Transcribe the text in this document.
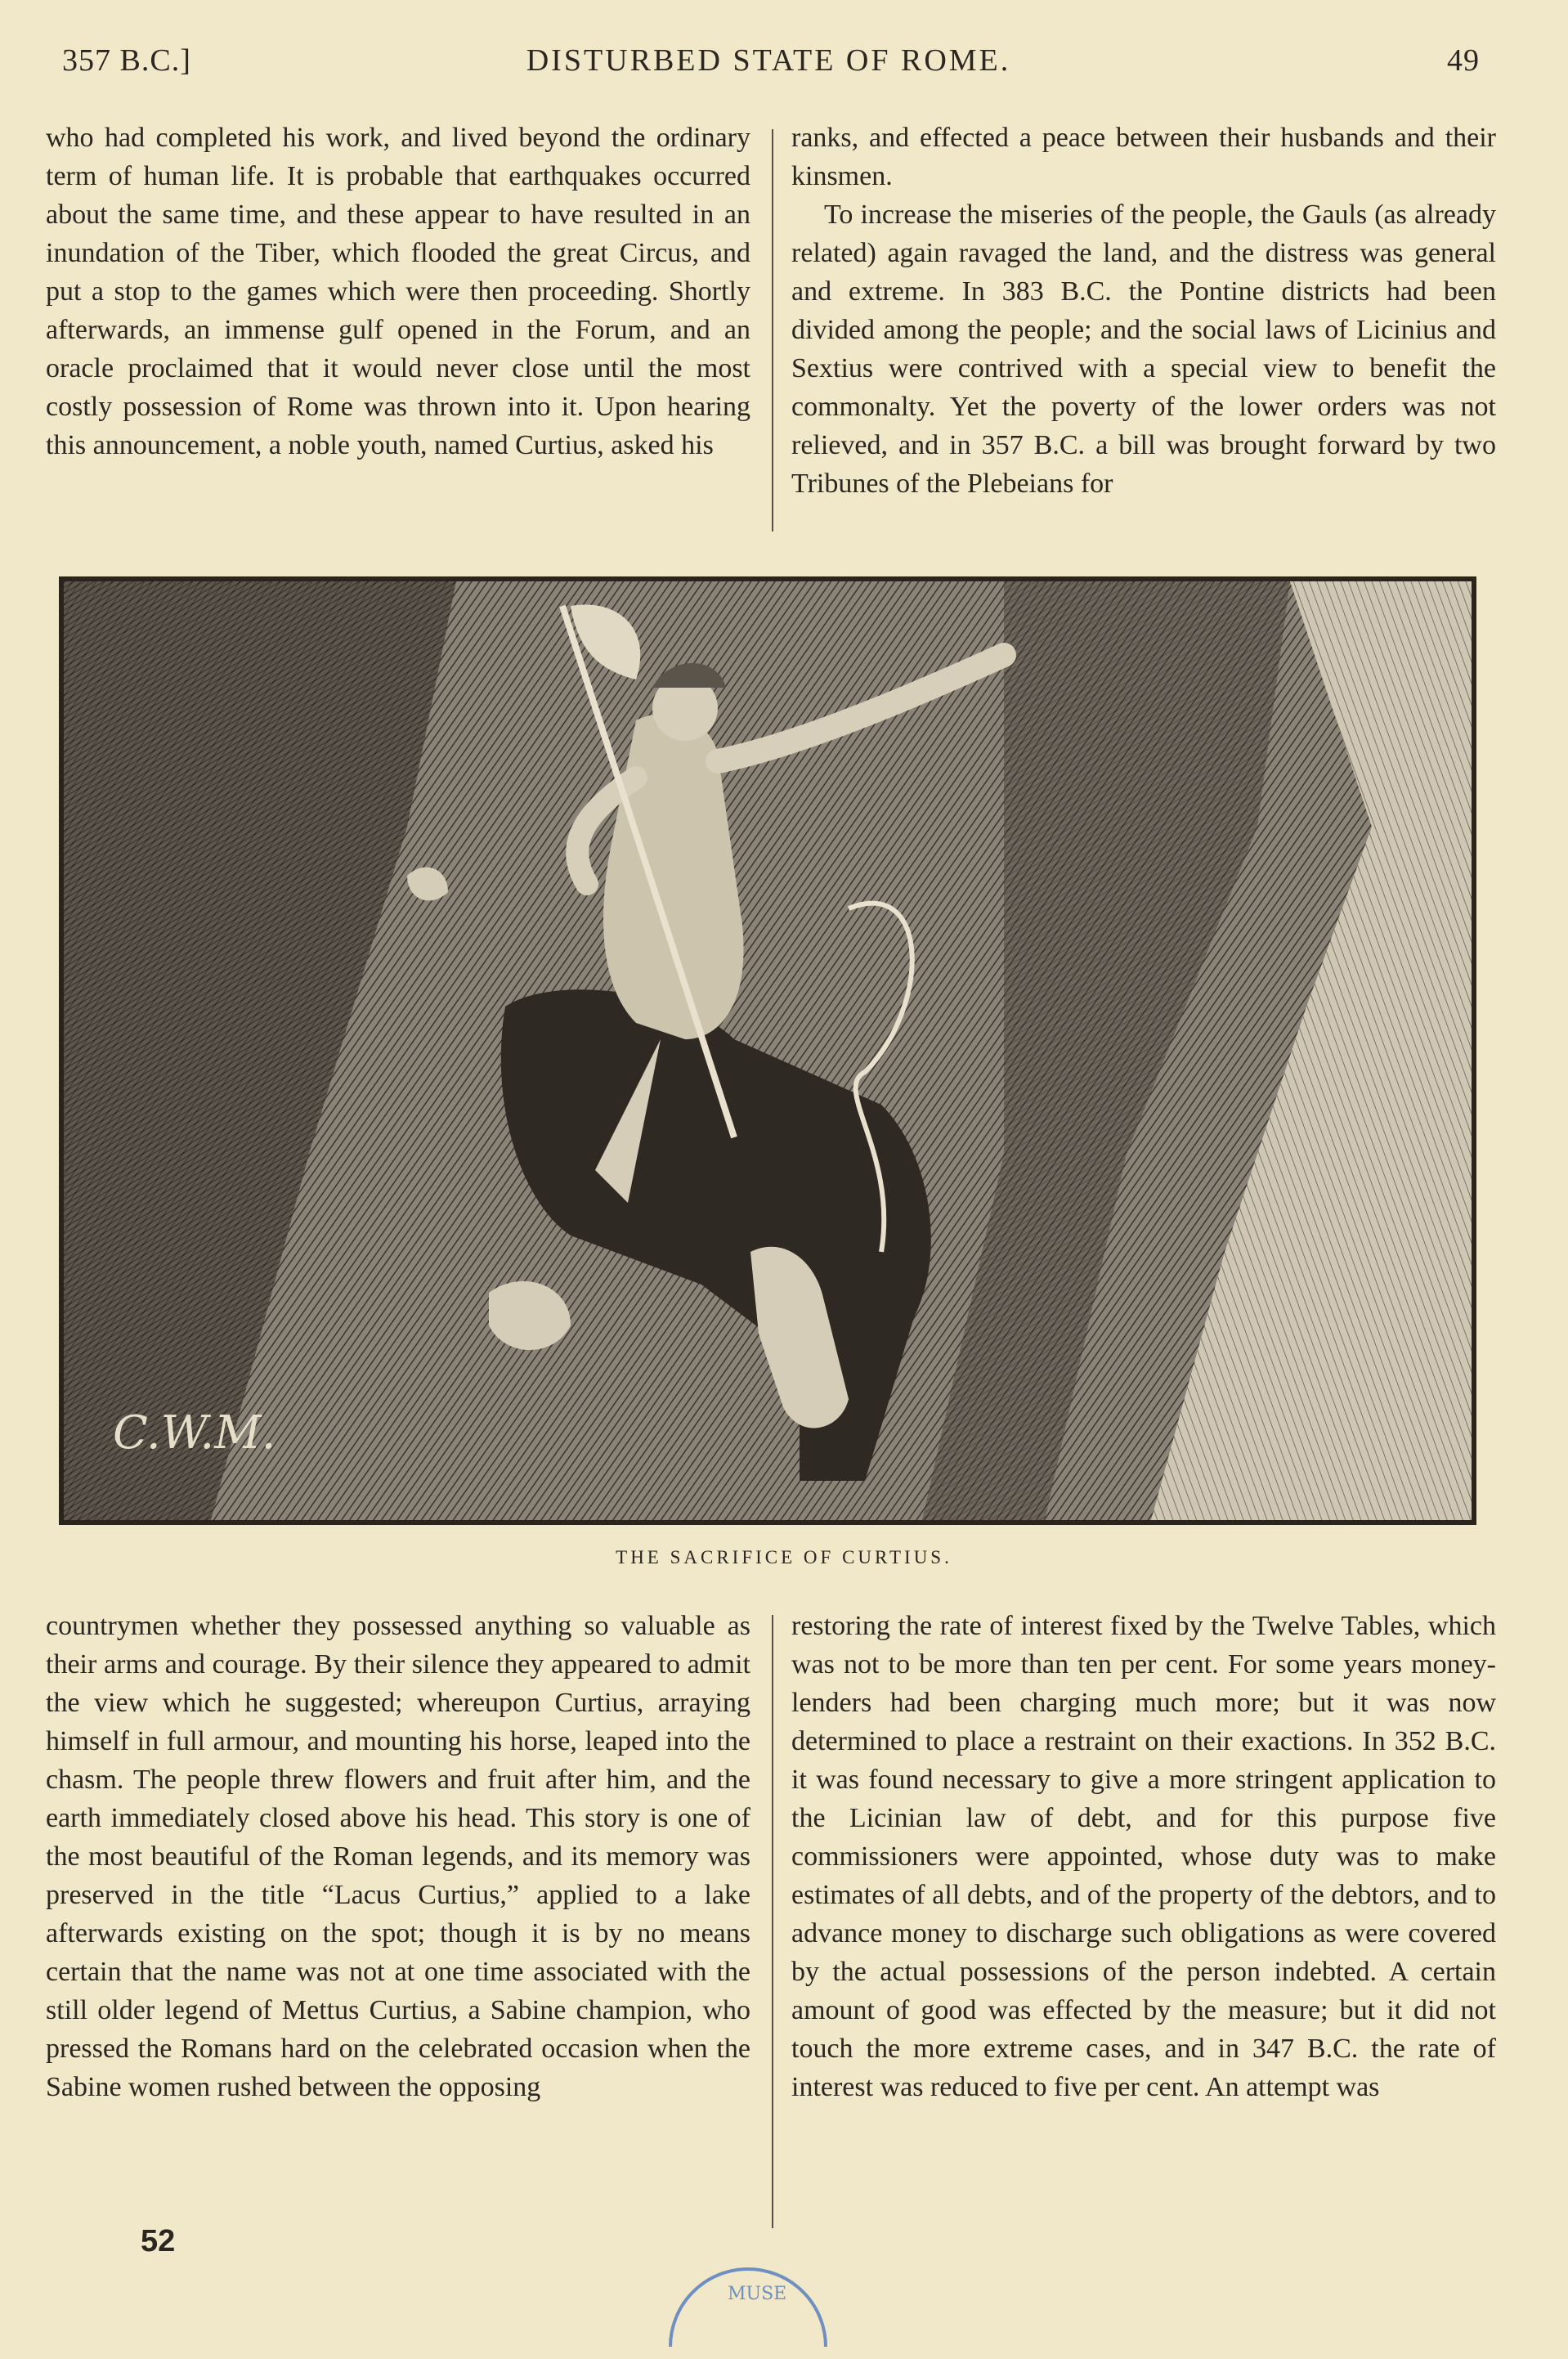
357 B.C.]	DISTURBED STATE OF ROME.	49

who had completed his work, and lived beyond the ordinary term of human life. It is probable that earthquakes occurred about the same time, and these appear to have resulted in an inundation of the Tiber, which flooded the great Circus, and put a stop to the games which were then proceeding. Shortly afterwards, an immense gulf opened in the Forum, and an oracle proclaimed that it would never close until the most costly possession of Rome was thrown into it. Upon hearing this announcement, a noble youth, named Curtius, asked his

ranks, and effected a peace between their husbands and their kinsmen.

To increase the miseries of the people, the Gauls (as already related) again ravaged the land, and the distress was general and extreme. In 383 B.C. the Pontine districts had been divided among the people; and the social laws of Licinius and Sextius were contrived with a special view to benefit the commonalty. Yet the poverty of the lower orders was not relieved, and in 357 B.C. a bill was brought forward by two Tribunes of the Plebeians for

C.W.M.
THE SACRIFICE OF CURTIUS.

countrymen whether they possessed anything so valuable as their arms and courage. By their silence they appeared to admit the view which he suggested; whereupon Curtius, arraying himself in full armour, and mounting his horse, leaped into the chasm. The people threw flowers and fruit after him, and the earth immediately closed above his head. This story is one of the most beautiful of the Roman legends, and its memory was preserved in the title “Lacus Curtius,” applied to a lake afterwards existing on the spot; though it is by no means certain that the name was not at one time associated with the still older legend of Mettus Curtius, a Sabine champion, who pressed the Romans hard on the celebrated occasion when the Sabine women rushed between the opposing

restoring the rate of interest fixed by the Twelve Tables, which was not to be more than ten per cent. For some years money-lenders had been charging much more; but it was now determined to place a restraint on their exactions. In 352 B.C. it was found necessary to give a more stringent application to the Licinian law of debt, and for this purpose five commissioners were appointed, whose duty was to make estimates of all debts, and of the property of the debtors, and to advance money to discharge such obligations as were covered by the actual possessions of the person indebted. A certain amount of good was effected by the measure; but it did not touch the more extreme cases, and in 347 B.C. the rate of interest was reduced to five per cent. An attempt was

52
MUSE
